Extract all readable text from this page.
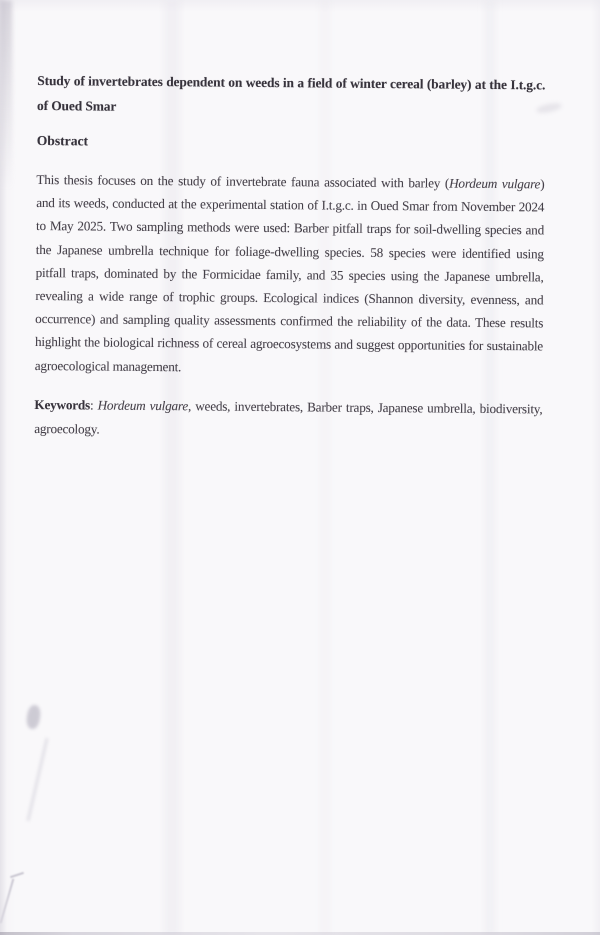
Study of invertebrates dependent on weeds in a field of winter cereal (barley) at the I.t.g.c. of Oued Smar
Obstract

This thesis focuses on the study of invertebrate fauna associated with barley (Hordeum vulgare) and its weeds, conducted at the experimental station of I.t.g.c. in Oued Smar from November 2024 to May 2025. Two sampling methods were used: Barber pitfall traps for soil-dwelling species and the Japanese umbrella technique for foliage-dwelling species. 58 species were identified using pitfall traps, dominated by the Formicidae family, and 35 species using the Japanese umbrella, revealing a wide range of trophic groups. Ecological indices (Shannon diversity, evenness, and occurrence) and sampling quality assessments confirmed the reliability of the data. These results highlight the biological richness of cereal agroecosystems and suggest opportunities for sustainable agroecological management.

Keywords: Hordeum vulgare, weeds, invertebrates, Barber traps, Japanese umbrella, biodiversity, agroecology.
